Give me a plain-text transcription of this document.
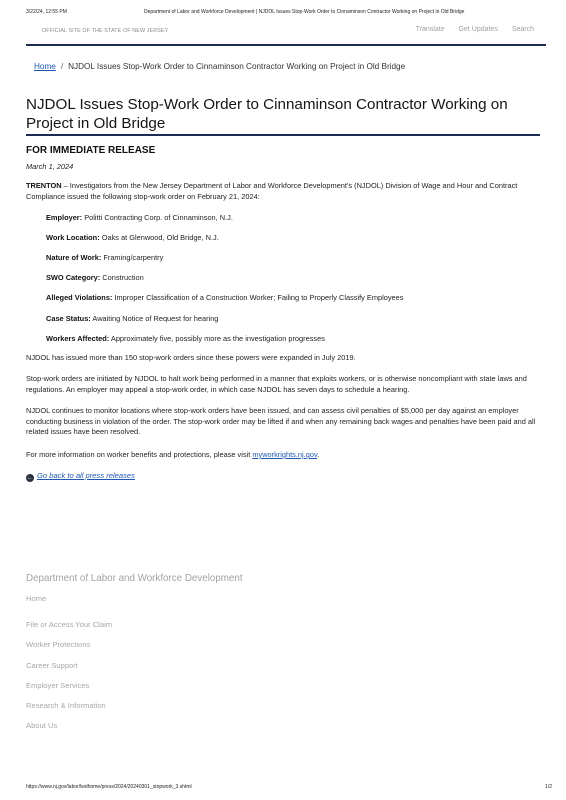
3/22/24, 12:55 PM	Department of Labor and Workforce Development | NJDOL Issues Stop-Work Order to Cinnaminson Contractor Working on Project in Old Bridge
OFFICIAL SITE OF THE STATE OF NEW JERSEY	Translate Get Updates Search
Home / NJDOL Issues Stop-Work Order to Cinnaminson Contractor Working on Project in Old Bridge
NJDOL Issues Stop-Work Order to Cinnaminson Contractor Working on Project in Old Bridge
FOR IMMEDIATE RELEASE
March 1, 2024
TRENTON – Investigators from the New Jersey Department of Labor and Workforce Development's (NJDOL) Division of Wage and Hour and Contract Compliance issued the following stop-work order on February 21, 2024:
Employer: Politti Contracting Corp. of Cinnaminson, N.J.
Work Location: Oaks at Glenwood, Old Bridge, N.J.
Nature of Work: Framing/carpentry
SWO Category: Construction
Alleged Violations: Improper Classification of a Construction Worker; Failing to Properly Classify Employees
Case Status: Awaiting Notice of Request for hearing
Workers Affected: Approximately five, possibly more as the investigation progresses
NJDOL has issued more than 150 stop-work orders since these powers were expanded in July 2019.
Stop-work orders are initiated by NJDOL to halt work being performed in a manner that exploits workers, or is otherwise noncompliant with state laws and regulations. An employer may appeal a stop-work order, in which case NJDOL has seven days to schedule a hearing.
NJDOL continues to monitor locations where stop-work orders have been issued, and can assess civil penalties of $5,000 per day against an employer conducting business in violation of the order. The stop-work order may be lifted if and when any remaining back wages and penalties have been paid and all related issues have been resolved.
For more information on worker benefits and protections, please visit myworkrights.nj.gov.
← Go back to all press releases
Department of Labor and Workforce Development
Home
File or Access Your Claim
Worker Protections
Career Support
Employer Services
Research & Information
About Us
https://www.nj.gov/labor/lwdhome/press/2024/20240301_stopwork_3.shtml	1/2
